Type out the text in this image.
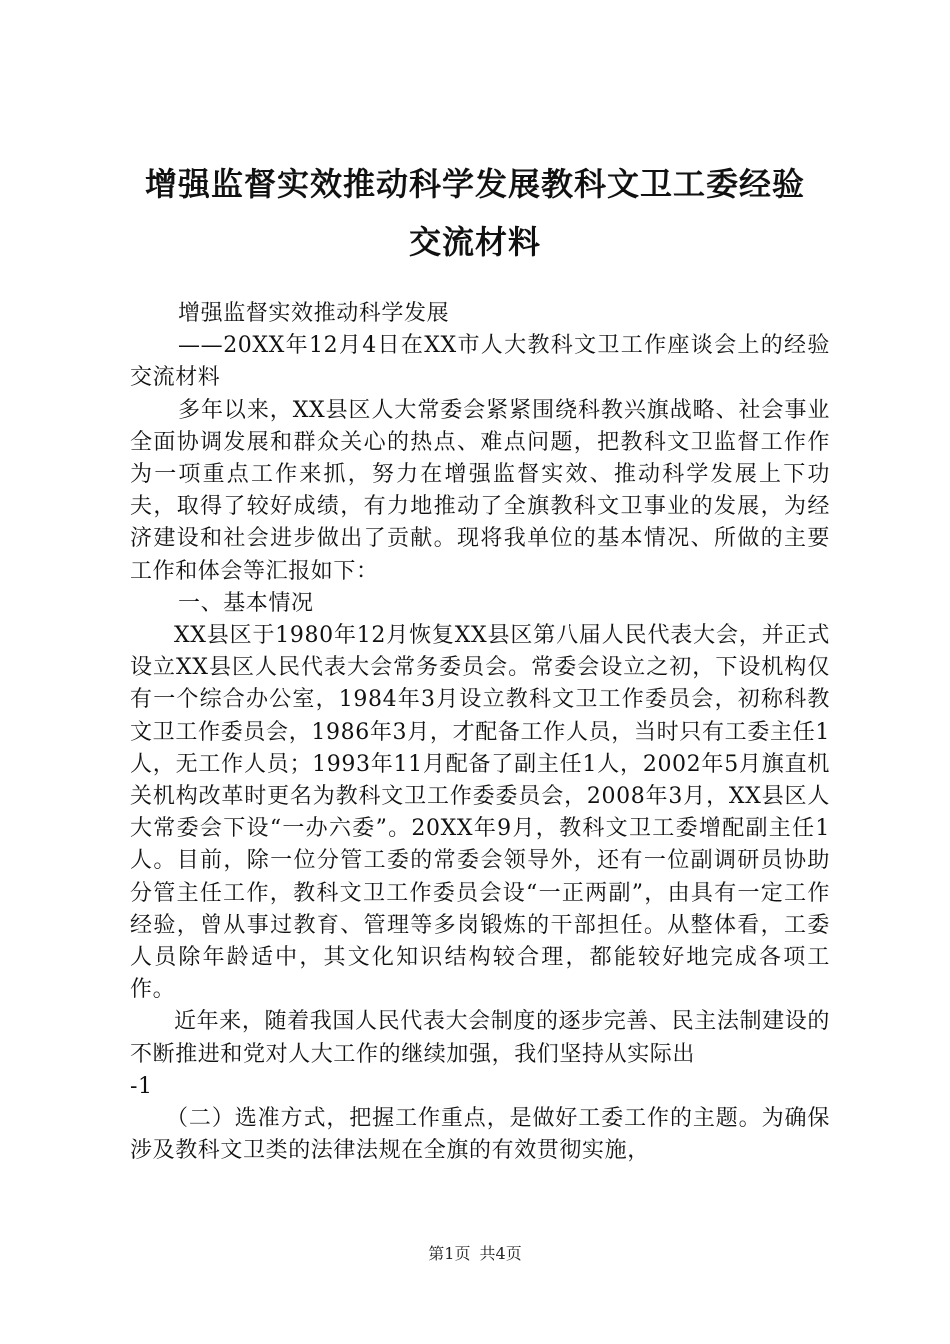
增强监督实效推动科学发展教科文卫工委经验
交流材料

增强监督实效推动科学发展

——20XX年12月4日在XX市人大教科文卫工作座谈会上的经验交流材料

多年以来，XX县区人大常委会紧紧围绕科教兴旗战略、社会事业全面协调发展和群众关心的热点、难点问题，把教科文卫监督工作作为一项重点工作来抓，努力在增强监督实效、推动科学发展上下功夫，取得了较好成绩，有力地推动了全旗教科文卫事业的发展，为经济建设和社会进步做出了贡献。现将我单位的基本情况、所做的主要工作和体会等汇报如下：

一、基本情况

XX县区于1980年12月恢复XX县区第八届人民代表大会，并正式设立XX县区人民代表大会常务委员会。常委会设立之初，下设机构仅有一个综合办公室，1984年3月设立教科文卫工作委员会，初称科教文卫工作委员会，1986年3月，才配备工作人员，当时只有工委主任1人，无工作人员；1993年11月配备了副主任1人，2002年5月旗直机关机构改革时更名为教科文卫工作委委员会，2008年3月，XX县区人大常委会下设“一办六委”。20XX年9月，教科文卫工委增配副主任1人。目前，除一位分管工委的常委会领导外，还有一位副调研员协助分管主任工作，教科文卫工作委员会设“一正两副”，由具有一定工作经验，曾从事过教育、管理等多岗锻炼的干部担任。从整体看，工委人员除年龄适中，其文化知识结构较合理，都能较好地完成各项工作。

近年来，随着我国人民代表大会制度的逐步完善、民主法制建设的不断推进和党对人大工作的继续加强，我们坚持从实际出

-1

（二）选准方式，把握工作重点，是做好工委工作的主题。为确保涉及教科文卫类的法律法规在全旗的有效贯彻实施，

第1页 共4页
